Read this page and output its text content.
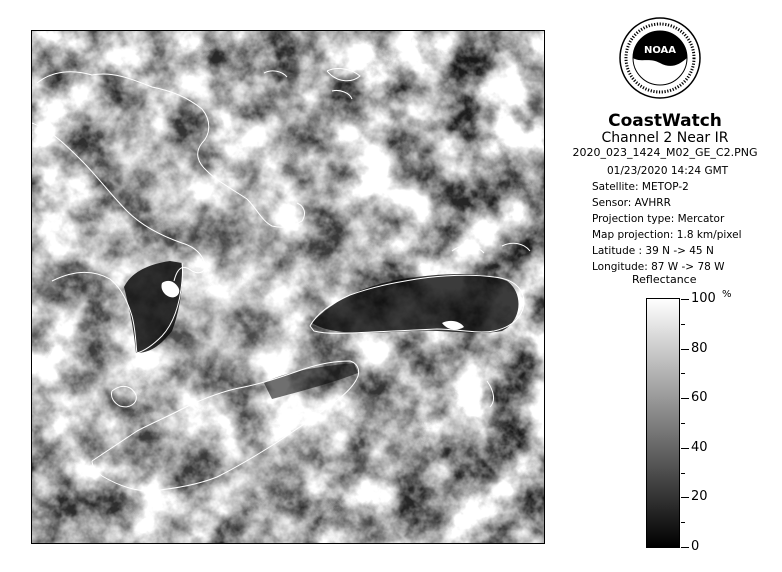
NOAA
CoastWatch
Channel 2 Near IR
2020_023_1424_M02_GE_C2.PNG
01/23/2020 14:24 GMT
Satellite: METOP-2
Sensor: AVHRR
Projection type: Mercator
Map projection: 1.8 km/pixel
Latitude : 39 N -> 45 N
Longitude: 87 W -> 78 W
Reflectance
%
100
80
60
40
20
0
